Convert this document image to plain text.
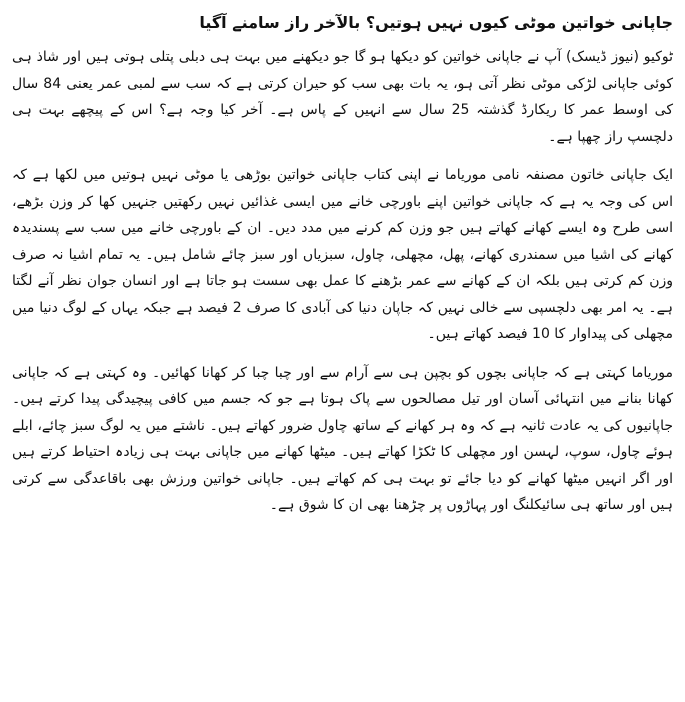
جاپانی خواتین موٹی کیوں نہیں ہوتیں؟ بالآخر راز سامنے آگیا

ٹوکیو (نیوز ڈیسک) آپ نے جاپانی خواتین کو دیکھا ہو گا جو دیکھنے میں بہت ہی دبلی پتلی ہوتی ہیں اور شاذ ہی کوئی جاپانی لڑکی موٹی نظر آتی ہو، یہ بات بھی سب کو حیران کرتی ہے کہ سب سے لمبی عمر یعنی 84 سال کی اوسط عمر کا ریکارڈ گذشتہ 25 سال سے انہیں کے پاس ہے۔ آخر کیا وجہ ہے؟ اس کے پیچھے بہت ہی دلچسپ راز چھپا ہے۔

ایک جاپانی خاتون مصنفہ نامی موریاما نے اپنی کتاب جاپانی خواتین بوڑھی یا موٹی نہیں ہوتیں میں لکھا ہے کہ اس کی وجہ یہ ہے کہ جاپانی خواتین اپنے باورچی خانے میں ایسی غذائیں نہیں رکھتیں جنہیں کھا کر وزن بڑھے، اسی طرح وہ ایسے کھانے کھاتے ہیں جو وزن کم کرنے میں مدد دیں۔ ان کے باورچی خانے میں سب سے پسندیدہ کھانے کی اشیا میں سمندری کھانے، پھل، مچھلی، چاول، سبزیاں اور سبز چائے شامل ہیں۔ یہ تمام اشیا نہ صرف وزن کم کرتی ہیں بلکہ ان کے کھانے سے عمر بڑھنے کا عمل بھی سست ہو جاتا ہے اور انسان جوان نظر آنے لگتا ہے۔ یہ امر بھی دلچسپی سے خالی نہیں کہ جاپان دنیا کی آبادی کا صرف 2 فیصد ہے جبکہ یہاں کے لوگ دنیا میں مچھلی کی پیداوار کا 10 فیصد کھاتے ہیں۔

موریاما کہتی ہے کہ جاپانی بچوں کو بچپن ہی سے آرام سے اور چبا چبا کر کھانا کھائیں۔ وہ کہتی ہے کہ جاپانی کھانا بنانے میں انتہائی آسان اور تیل مصالحوں سے پاک ہوتا ہے جو کہ جسم میں کافی پیچیدگی پیدا کرتے ہیں۔ جاپانیوں کی یہ عادت ثانیہ ہے کہ وہ ہر کھانے کے ساتھ چاول ضرور کھاتے ہیں۔ ناشتے میں یہ لوگ سبز چائے، ابلے ہوئے چاول، سوپ، لہسن اور مچھلی کا ٹکڑا کھاتے ہیں۔ میٹھا کھانے میں جاپانی بہت ہی زیادہ احتیاط کرتے ہیں اور اگر انہیں میٹھا کھانے کو دیا جائے تو بہت ہی کم کھاتے ہیں۔ جاپانی خواتین ورزش بھی باقاعدگی سے کرتی ہیں اور ساتھ ہی سائیکلنگ اور پہاڑوں پر چڑھنا بھی ان کا شوق ہے۔
